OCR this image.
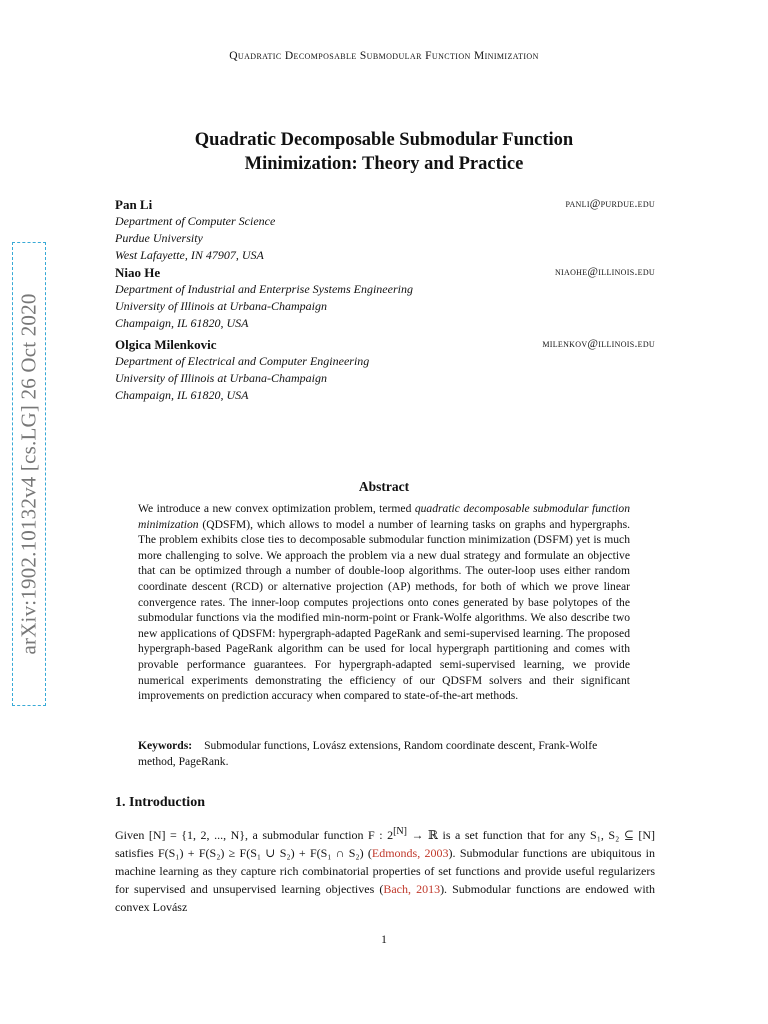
Quadratic Decomposable Submodular Function Minimization
arXiv:1902.10132v4 [cs.LG] 26 Oct 2020
Quadratic Decomposable Submodular Function
Minimization: Theory and Practice
Pan Li	panli@purdue.edu
Department of Computer Science
Purdue University
West Lafayette, IN 47907, USA
Niao He	niaohe@illinois.edu
Department of Industrial and Enterprise Systems Engineering
University of Illinois at Urbana-Champaign
Champaign, IL 61820, USA
Olgica Milenkovic	milenkov@illinois.edu
Department of Electrical and Computer Engineering
University of Illinois at Urbana-Champaign
Champaign, IL 61820, USA
Abstract

We introduce a new convex optimization problem, termed quadratic decomposable submodular function minimization (QDSFM), which allows to model a number of learning tasks on graphs and hypergraphs. The problem exhibits close ties to decomposable submodular function minimization (DSFM) yet is much more challenging to solve. We approach the problem via a new dual strategy and formulate an objective that can be optimized through a number of double-loop algorithms. The outer-loop uses either random coordinate descent (RCD) or alternative projection (AP) methods, for both of which we prove linear convergence rates. The inner-loop computes projections onto cones generated by base polytopes of the submodular functions via the modified min-norm-point or Frank-Wolfe algorithms. We also describe two new applications of QDSFM: hypergraph-adapted PageRank and semi-supervised learning. The proposed hypergraph-based PageRank algorithm can be used for local hypergraph partitioning and comes with provable performance guarantees. For hypergraph-adapted semi-supervised learning, we provide numerical experiments demonstrating the efficiency of our QDSFM solvers and their significant improvements on prediction accuracy when compared to state-of-the-art methods.

Keywords: Submodular functions, Lovász extensions, Random coordinate descent, Frank-Wolfe method, PageRank.
1. Introduction

Given [N] = {1, 2, ..., N}, a submodular function F : 2[N] → ℝ is a set function that for any S₁, S₂ ⊆ [N] satisfies F(S₁) + F(S₂) ≥ F(S₁ ∪ S₂) + F(S₁ ∩ S₂) (Edmonds, 2003). Submodular functions are ubiquitous in machine learning as they capture rich combinatorial properties of set functions and provide useful regularizers for supervised and unsupervised learning objectives (Bach, 2013). Submodular functions are endowed with convex Lovász

1
